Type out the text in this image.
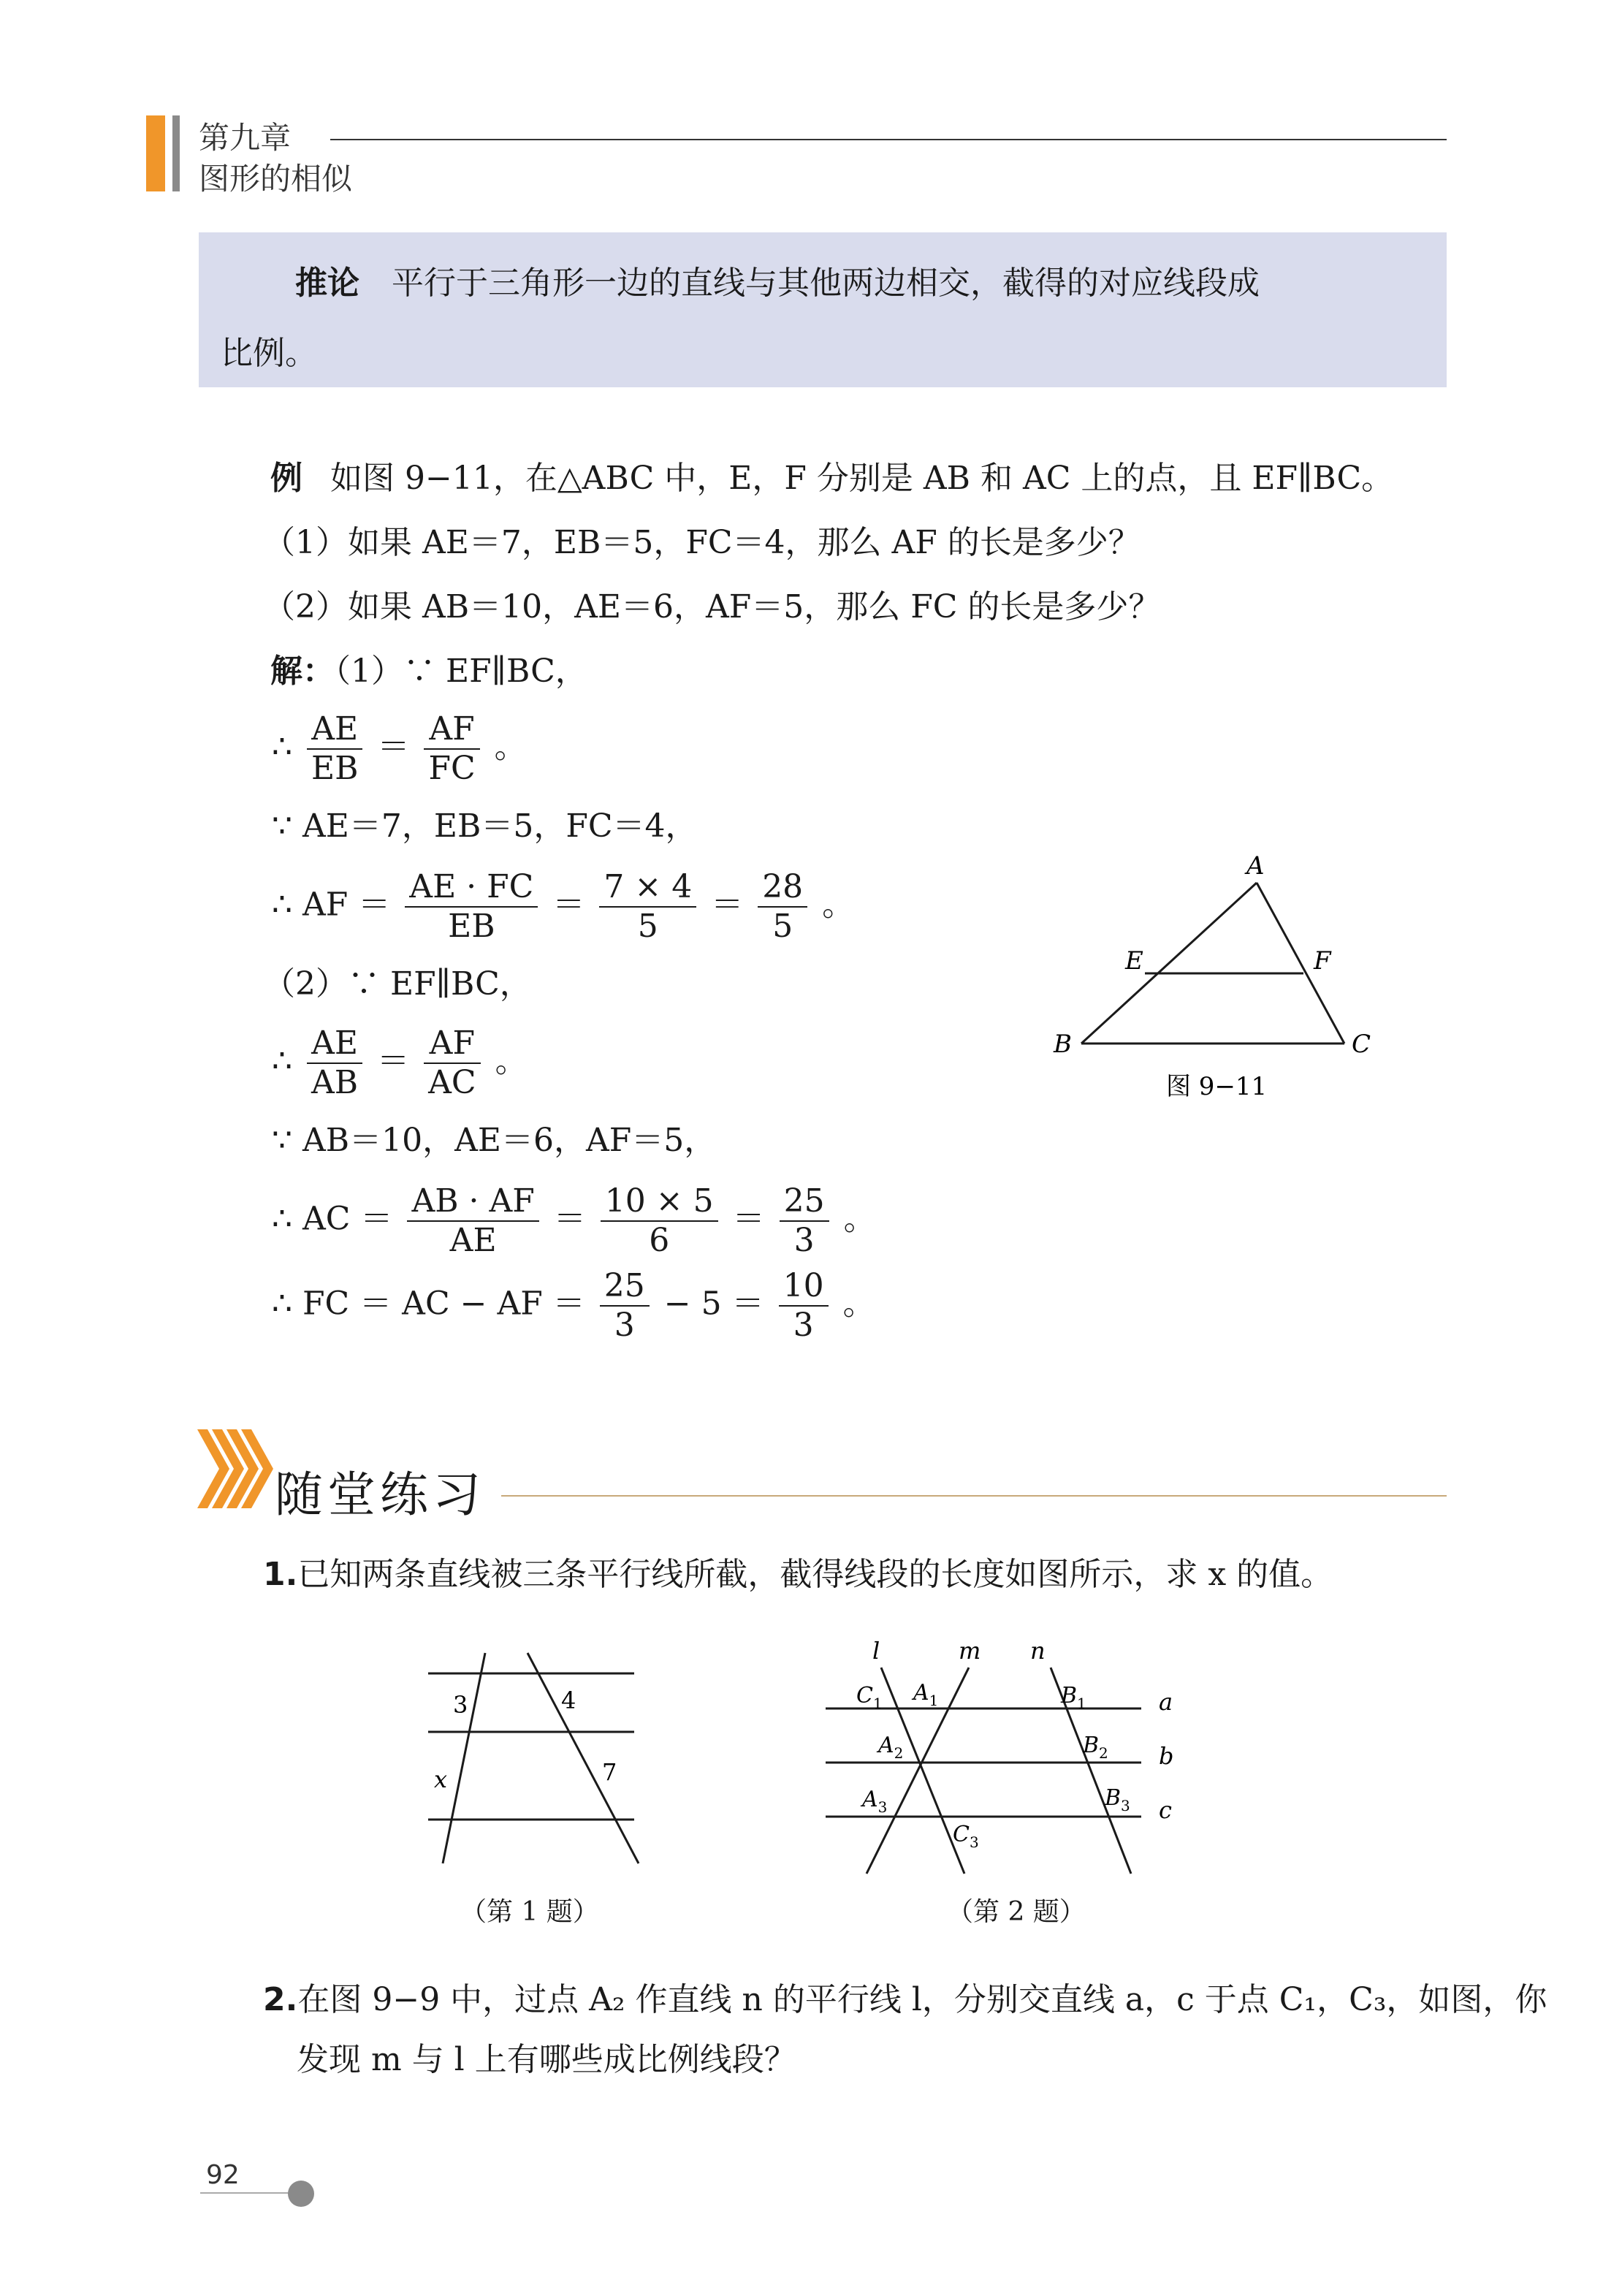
第九章
图形的相似

推论 平行于三角形一边的直线与其他两边相交，截得的对应线段成

比例。

例 如图 9−11，在△ABC 中，E，F 分别是 AB 和 AC 上的点，且 EF∥BC。
（1）如果 AE＝7，EB＝5，FC＝4，那么 AF 的长是多少？
（2）如果 AB＝10，AE＝6，AF＝5，那么 FC 的长是多少？
解：（1）∵ EF∥BC，
∴ $\frac{AE}{EB} = \frac{AF}{FC}$ 。
∵ AE＝7，EB＝5，FC＝4，
∴ AF ＝ $\frac{AE \cdot FC}{EB} = \frac{7 \times 4}{5} = \frac{28}{5}$ 。
（2）∵ EF∥BC，
∴ $\frac{AE}{AB} = \frac{AF}{AC}$ 。
∵ AB＝10，AE＝6，AF＝5，
∴ AC ＝ $\frac{AB \cdot AF}{AE} = \frac{10 \times 5}{6} = \frac{25}{3}$ 。
∴ FC ＝ AC − AF ＝ $\frac{25}{3} - 5 = \frac{10}{3}$ 。
A
E	F
B	C
图 9−11
随堂练习
1.已知两条直线被三条平行线所截，截得线段的长度如图所示，求 x 的值。
3	4
x	7
（第 1 题）
l	m n
a
b
c
$C_1$ $A_1$	$B_1$
$A_2$	$B_2$
$A_3$	$B_3$
$C_3$
（第 2 题）
2.在图 9−9 中，过点 A₂ 作直线 n 的平行线 l，分别交直线 a，c 于点 C₁，C₃，如图，你
发现 m 与 l 上有哪些成比例线段？
92
